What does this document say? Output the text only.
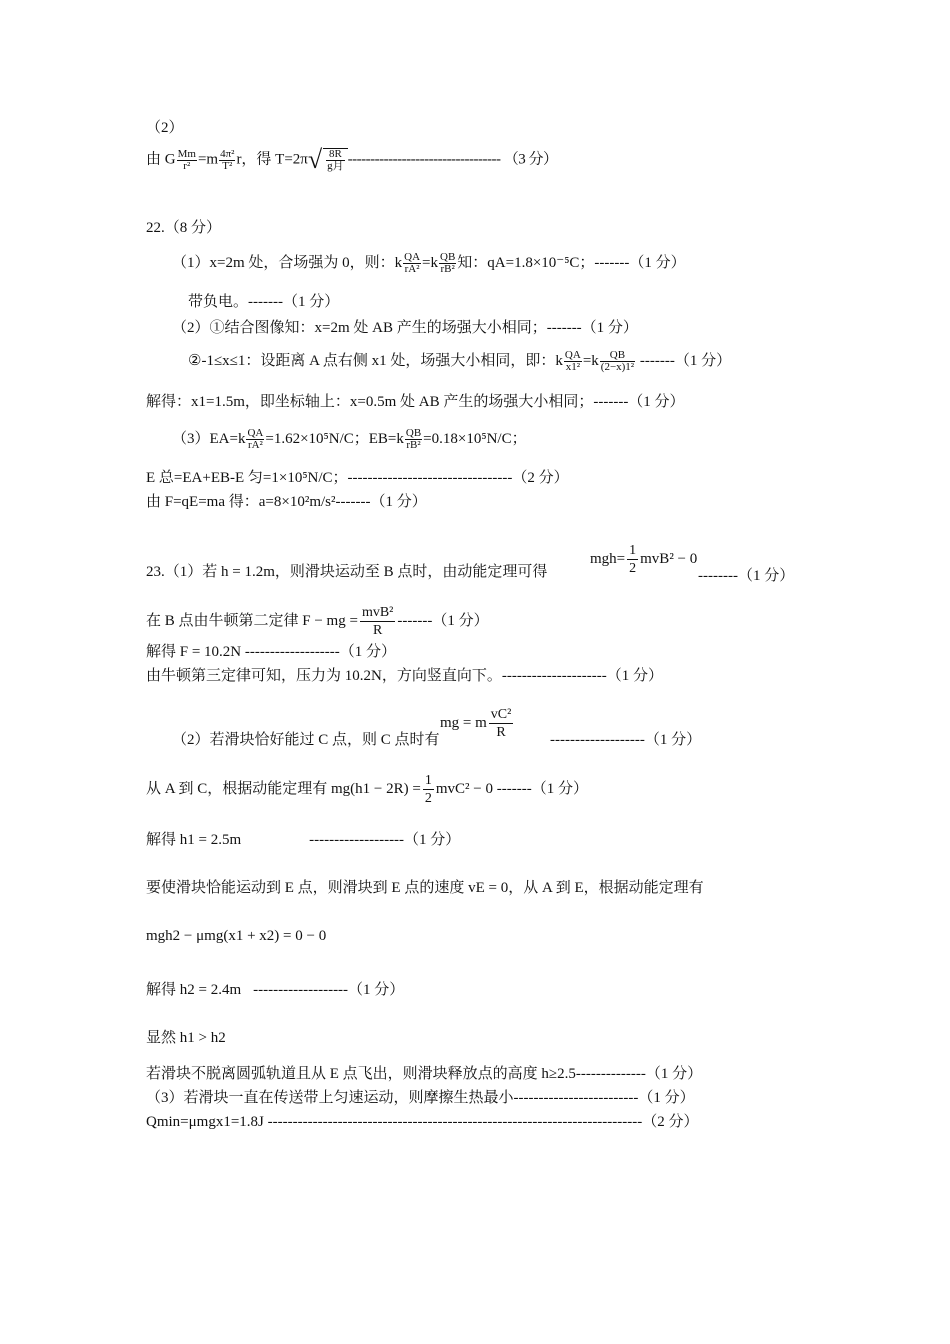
（2）
由 G $\frac{Mm}{\text{r²}} =m \frac{\text{4π²}}{\text{T²}}$ r，得 $T=2\pi√ \frac{8R}{\text{g月}}$ ---------------------------------- （3 分）
22.（8 分）
（1）x=2m 处，合场强为 0，则：k $\frac{QA}{\text{rA²}} =k \frac{QB}{\text{rB²}}$ 知：qA=1.8×10⁻⁵C；-------（1 分）
带负电。-------（1 分）
（2）①结合图像知：x=2m 处 AB 产生的场强大小相同；-------（1 分）
②-1≤x≤1：设距离 A 点右侧 x1 处，场强大小相同，即：k $\frac{QA}{\text{x1²}} =k \frac{QB}{\text{(2−x)1²}} -------(1$ 分）
解得：x1=1.5m，即坐标轴上：x=0.5m 处 AB 产生的场强大小相同；-------（1 分）
$(3)EA=k \frac{QA}{\text{rA²}} =1.62\times 10^5N/C$；$EB=k \frac{QB}{\text{rB²}} =0.18\times 10^5N/C$；
E 总=EA+EB-E 匀=1×10⁵N/C；---------------------------------（2 分）
由 F=qE=ma 得：a=8×10²m/s²-------（1 分）
23.（1）若 h = 1.2m，则滑块运动至 B 点时，由动能定理可得
$mgh= \frac{1}{2} mvB^2 - 0$
--------（1 分）
在 B 点由牛顿第二定律 F − mg =
mvB²
R
-------（1 分）
解得 F = 10.2N -------------------（1 分）
由牛顿第三定律可知，压力为 10.2N，方向竖直向下。---------------------（1 分）
（2）若滑块恰好能过 C 点，则 C 点时有
mg = m $\frac{\text{vC²}}{R} -------------------(1$ 分）
从 A 到 C，根据动能定理有 $mg(h1 - 2R) = \frac{1}{2} mvC^2 - 0$ -------（1 分）
解得 h1 = 2.5m	-------------------（1 分）
要使滑块恰能运动到 E 点，则滑块到 E 点的速度 vE = 0，从 A 到 E，根据动能定理有
mgh2 − μmg(x1 + x2) = 0 − 0
解得 h2 = 2.4m -------------------（1 分）
显然 h1 > h2
若滑块不脱离圆弧轨道且从 E 点飞出，则滑块释放点的高度 h≥2.5--------------（1 分）
（3）若滑块一直在传送带上匀速运动，则摩擦生热最小-------------------------（1 分）
Qmin=μmgx1=1.8J ---------------------------------------------------------------------------（2 分）
